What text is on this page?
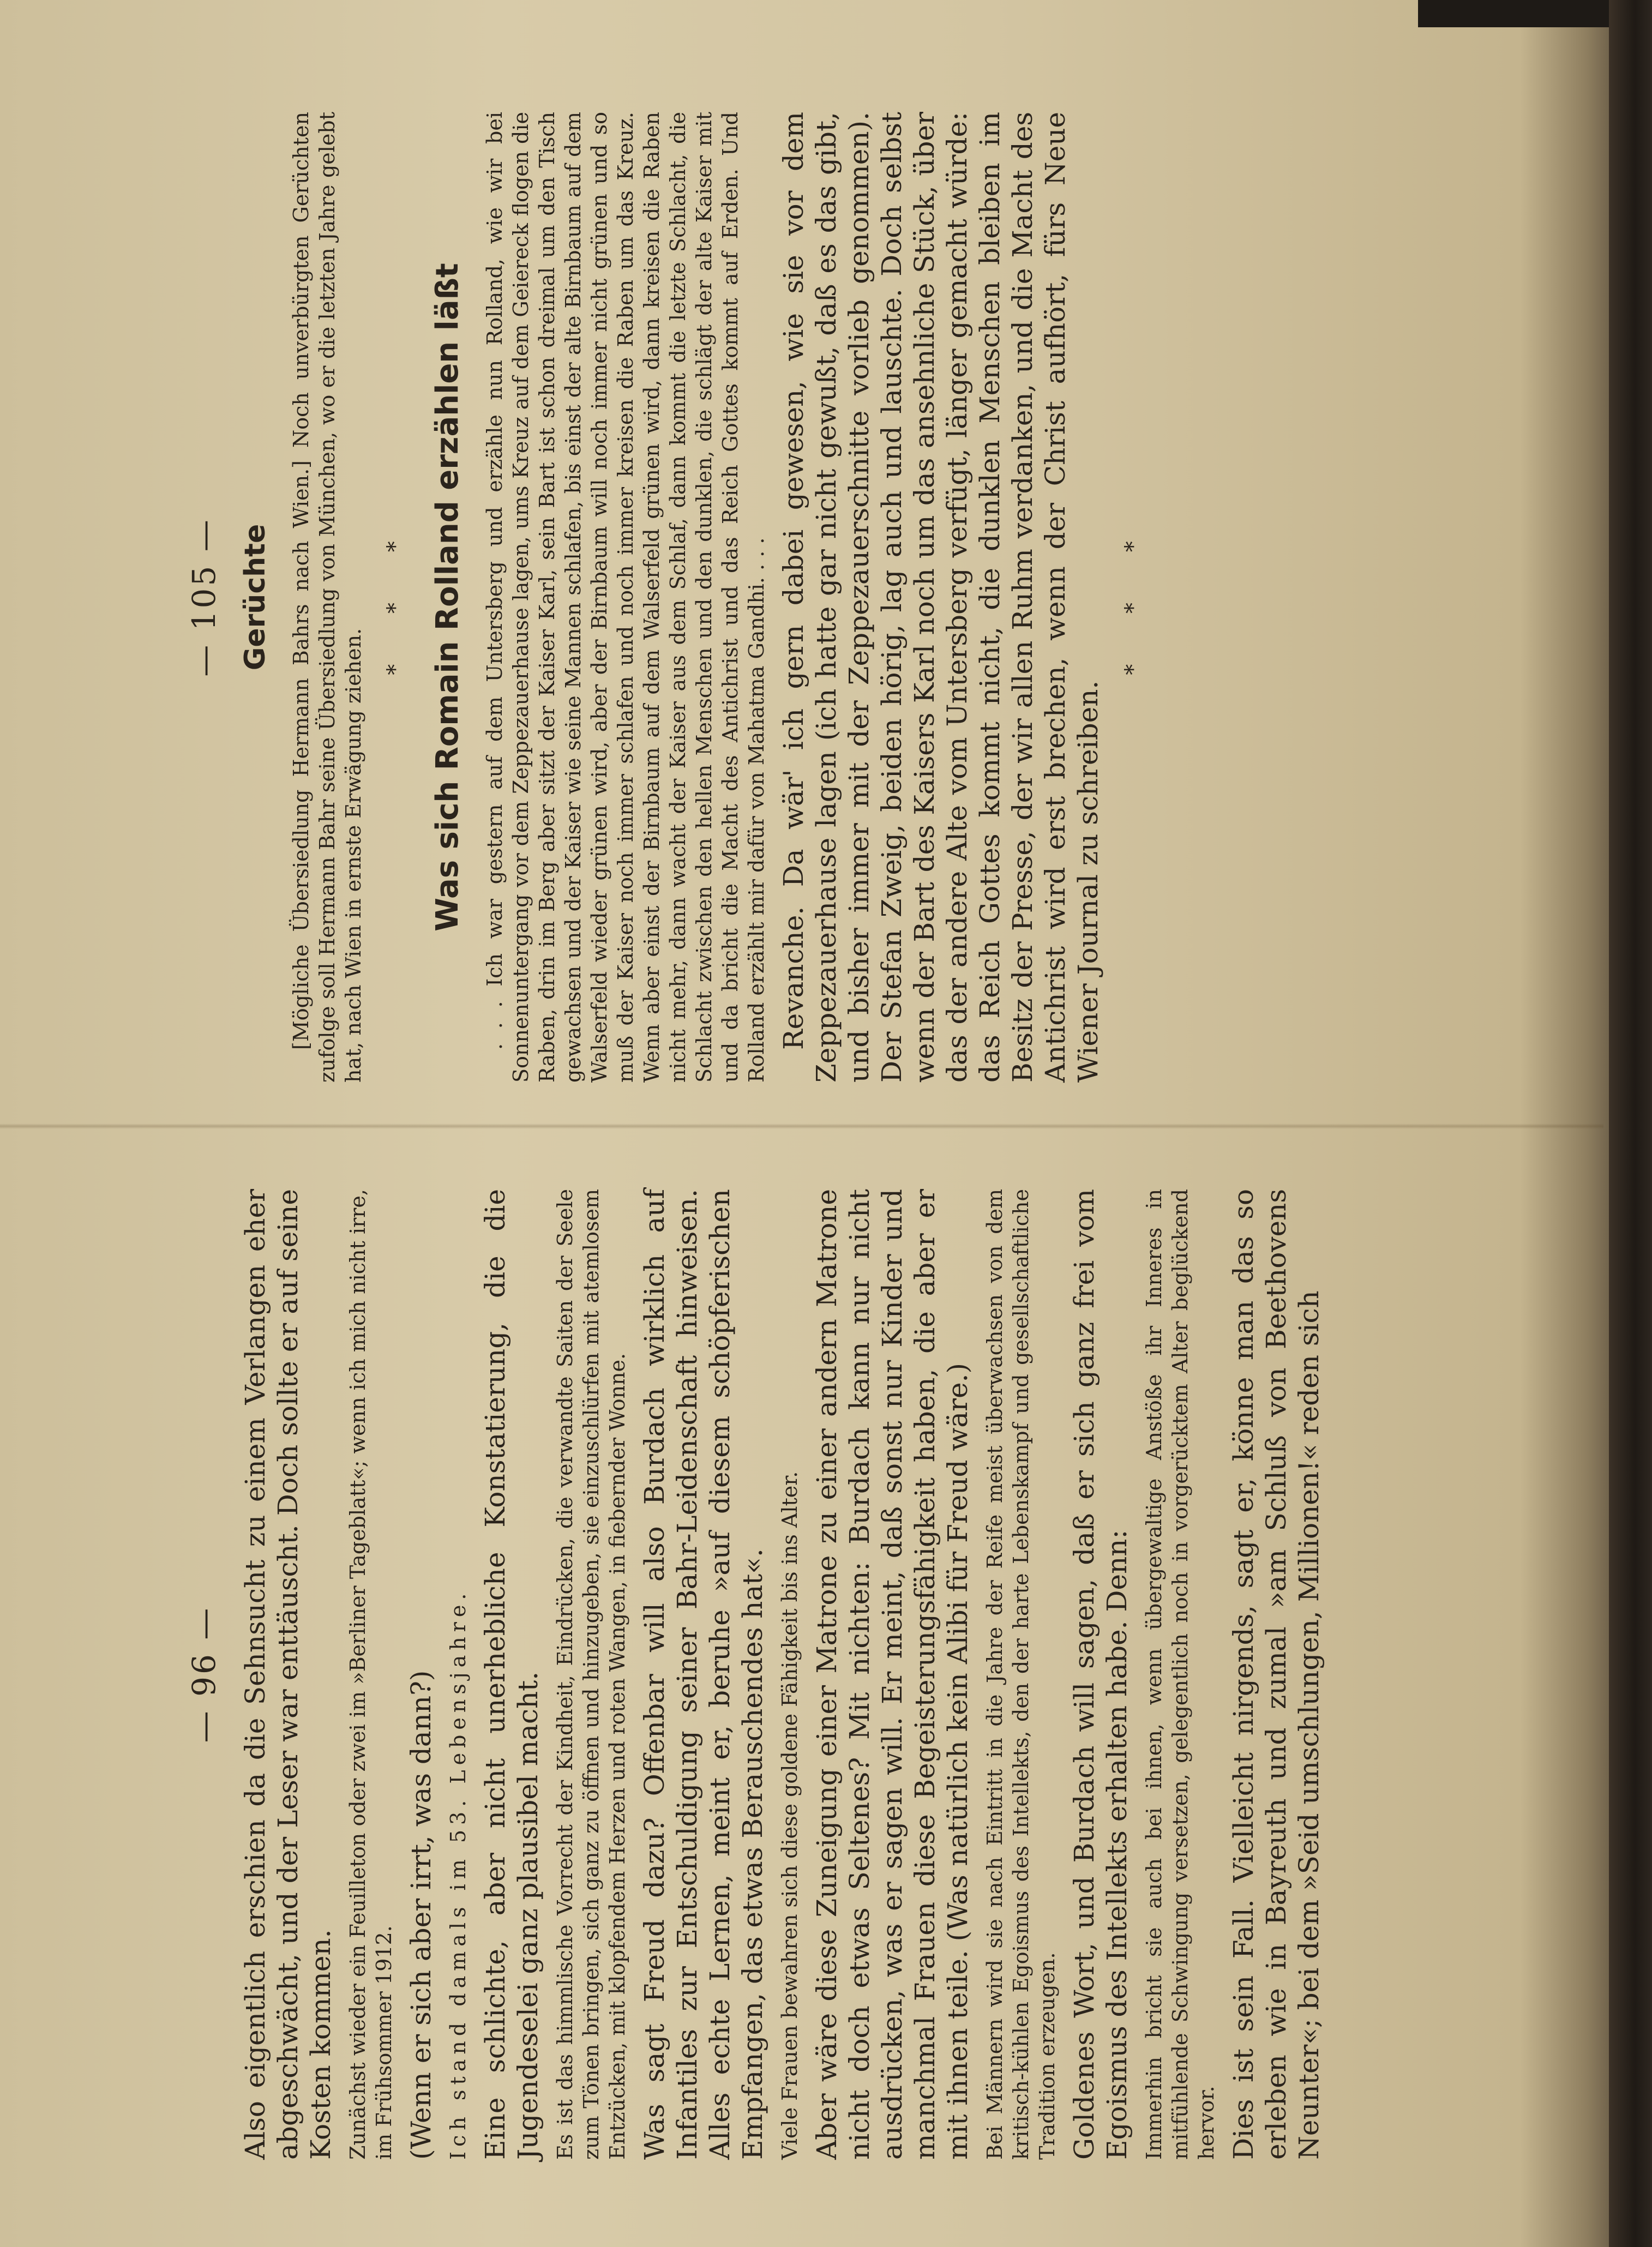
— 96 — Also eigentlich erschien da die Sehnsucht zu einem Verlangen eher abgeschwächt, und der Leser war enttäuscht. Doch sollte er auf seine Kosten kommen. Zunächst wieder ein Feuilleton oder zwei im »Berliner Tageblatt«; wenn ich mich nicht irre, im Frühsommer 1912. (Wenn er sich aber irrt, was dann?) Ich stand damals im 53. Lebensjahre. Eine schlichte, aber nicht unerhebliche Konstatierung, die die Jugendeselei ganz plausibel macht. Es ist das himmlische Vorrecht der Kindheit, Eindrücken, die verwandte Saiten der Seele zum Tönen bringen, sich ganz zu öffnen und hinzugeben, sie einzuschlürfen mit atemlosem Entzücken, mit klopfendem Herzen und roten Wangen, in fiebernder Wonne. Was sagt Freud dazu? Offenbar will also Burdach wirklich auf Infantiles zur Entschuldigung seiner Bahr-Leidenschaft hinweisen. Alles echte Lernen, meint er, beruhe »auf diesem schöpferischen Empfangen, das etwas Berauschendes hat«. Viele Frauen bewahren sich diese goldene Fähigkeit bis ins Alter. Aber wäre diese Zuneigung einer Matrone zu einer andern Matrone nicht doch etwas Seltenes? Mit nichten: Burdach kann nur nicht ausdrücken, was er sagen will. Er meint, daß sonst nur Kinder und manchmal Frauen diese Begeisterungsfähigkeit haben, die aber er mit ihnen teile. (Was natürlich kein Alibi für Freud wäre.) Bei Männern wird sie nach Eintritt in die Jahre der Reife meist überwachsen von dem kritisch-kühlen Egoismus des Intellekts, den der harte Lebenskampf und gesellschaftliche Tradition erzeugen. Goldenes Wort, und Burdach will sagen, daß er sich ganz frei vom Egoismus des Intellekts erhalten habe. Denn: Immerhin bricht sie auch bei ihnen, wenn übergewaltige Anstöße ihr Inneres in mitfühlende Schwingung versetzen, gelegentlich noch in vorgerücktem Alter beglückend hervor. Dies ist sein Fall. Vielleicht nirgends, sagt er, könne man das so erleben wie in Bayreuth und zumal »am Schluß von Beethovens Neunter«; bei dem »Seid umschlungen, Millionen!« reden sich
— 105 — Gerüchte [Mögliche Übersiedlung Hermann Bahrs nach Wien.] Noch unverbürgten Gerüchten zufolge soll Hermann Bahr seine Übersiedlung von München, wo er die letzten Jahre gelebt hat, nach Wien in ernste Erwägung ziehen.
* * * Was sich Romain Rolland erzählen läßt . . . Ich war gestern auf dem Untersberg und erzähle nun Rolland, wie wir bei Sonnenuntergang vor dem Zeppezauerhause lagen, ums Kreuz auf dem Geiereck flogen die Raben, drin im Berg aber sitzt der Kaiser Karl, sein Bart ist schon dreimal um den Tisch gewachsen und der Kaiser wie seine Mannen schlafen, bis einst der alte Birnbaum auf dem Walserfeld wieder grünen wird, aber der Birnbaum will noch immer nicht grünen und so muß der Kaiser noch immer schlafen und noch immer kreisen die Raben um das Kreuz. Wenn aber einst der Birnbaum auf dem Walserfeld grünen wird, dann kreisen die Raben nicht mehr, dann wacht der Kaiser aus dem Schlaf, dann kommt die letzte Schlacht, die Schlacht zwischen den hellen Menschen und den dunklen, die schlägt der alte Kaiser mit und da bricht die Macht des Antichrist und das Reich Gottes kommt auf Erden. Und Rolland erzählt mir dafür von Mahatma Gandhi. . . . Revanche. Da wär' ich gern dabei gewesen, wie sie vor dem Zeppezauerhause lagen (ich hatte gar nicht gewußt, daß es das gibt, und bisher immer mit der Zeppezauerschnitte vorlieb genommen). Der Stefan Zweig, beiden hörig, lag auch und lauschte. Doch selbst wenn der Bart des Kaisers Karl noch um das ansehnliche Stück, über das der andere Alte vom Untersberg verfügt, länger gemacht würde: das Reich Gottes kommt nicht, die dunklen Menschen bleiben im Besitz der Presse, der wir allen Ruhm verdanken, und die Macht des Antichrist wird erst brechen, wenn der Christ aufhört, fürs Neue Wiener Journal zu schreiben.
* * *
